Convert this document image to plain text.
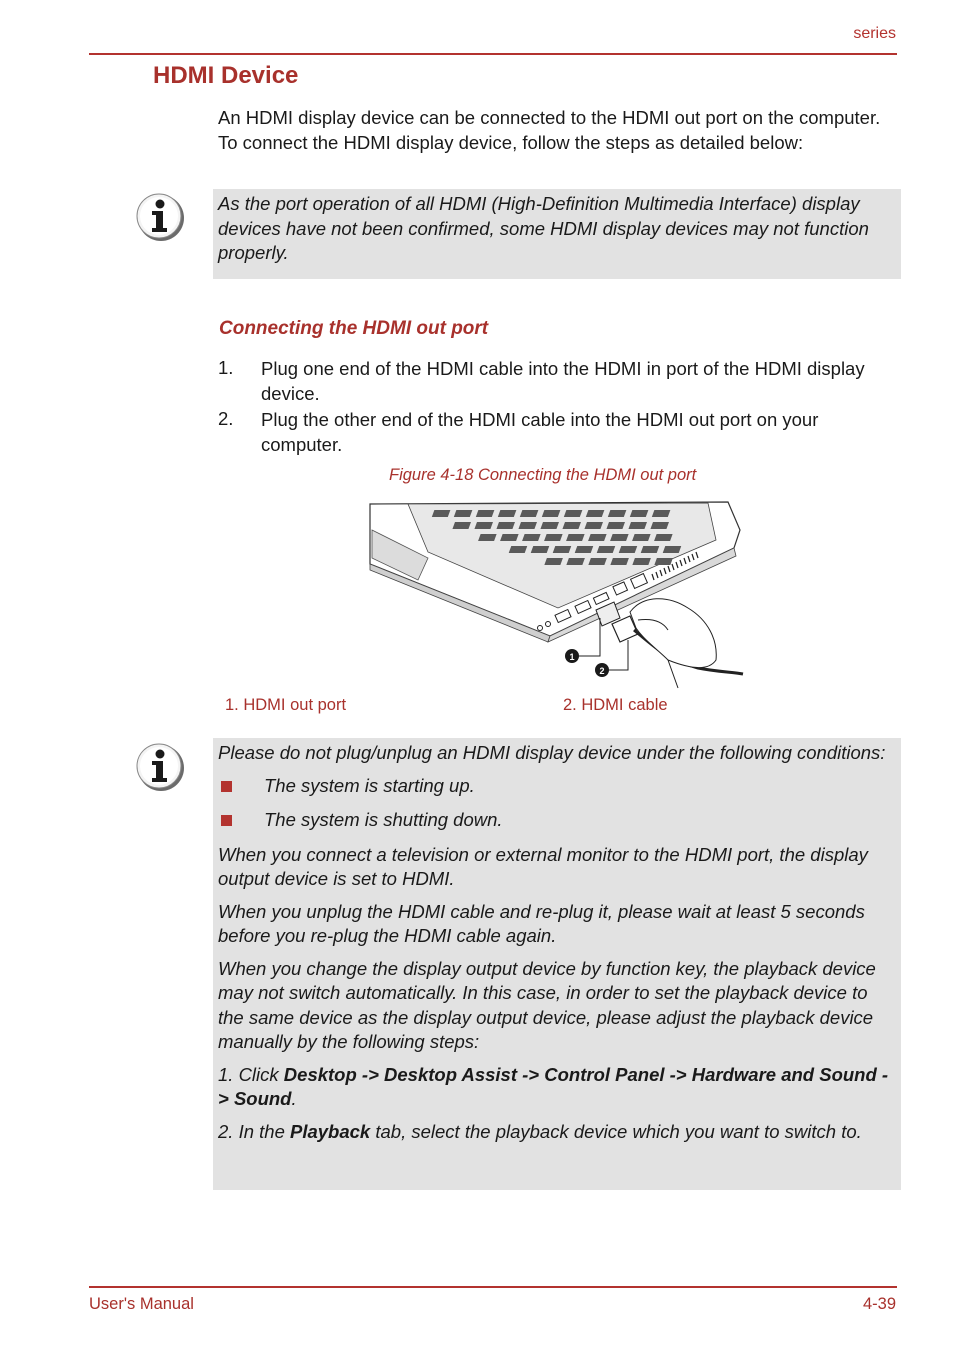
series
HDMI Device
An HDMI display device can be connected to the HDMI out port on the computer. To connect the HDMI display device, follow the steps as detailed below:

As the port operation of all HDMI (High-Definition Multimedia Interface) display devices have not been confirmed, some HDMI display devices may not function properly.

Connecting the HDMI out port
1. Plug one end of the HDMI cable into the HDMI in port of the HDMI display device.
2. Plug the other end of the HDMI cable into the HDMI out port on your computer.
Figure 4-18 Connecting the HDMI out port
1
2
1. HDMI out port	2. HDMI cable

Please do not plug/unplug an HDMI display device under the following conditions:

The system is starting up.
The system is shutting down.

When you connect a television or external monitor to the HDMI port, the display output device is set to HDMI.

When you unplug the HDMI cable and re-plug it, please wait at least 5 seconds before you re-plug the HDMI cable again.

When you change the display output device by function key, the playback device may not switch automatically. In this case, in order to set the playback device to the same device as the display output device, please adjust the playback device manually by the following steps:

1. Click Desktop -> Desktop Assist -> Control Panel -> Hardware and Sound -> Sound.

2. In the Playback tab, select the playback device which you want to switch to.

User's Manual	4-39
